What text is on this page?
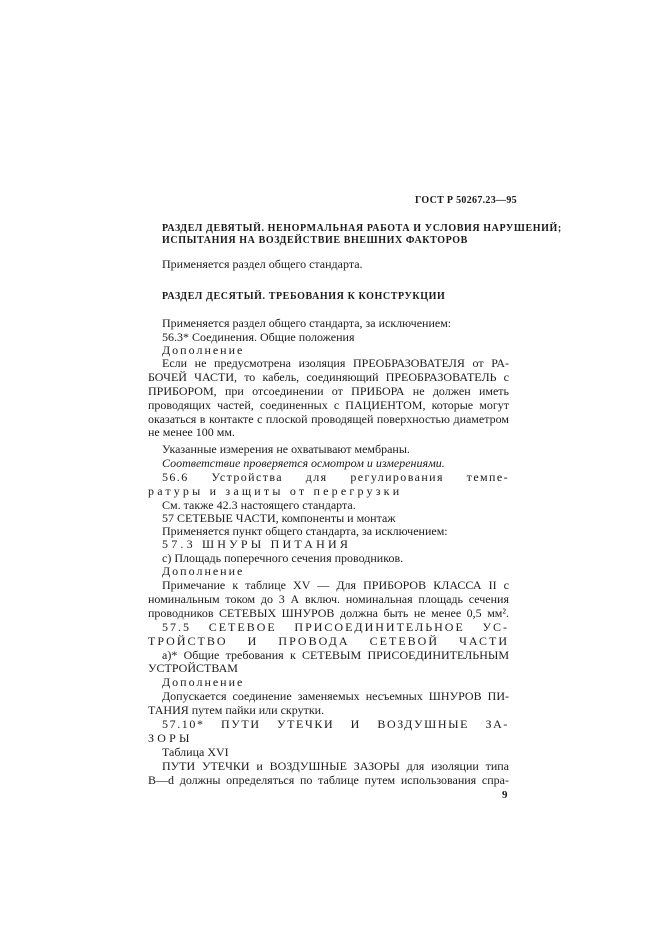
ГОСТ Р 50267.23—95
РАЗДЕЛ ДЕВЯТЫЙ. НЕНОРМАЛЬНАЯ РАБОТА И УСЛОВИЯ НАРУШЕНИЙ;
ИСПЫТАНИЯ НА ВОЗДЕЙСТВИЕ ВНЕШНИХ ФАКТОРОВ
Применяется раздел общего стандарта.
РАЗДЕЛ ДЕСЯТЫЙ. ТРЕБОВАНИЯ К КОНСТРУКЦИИ
Применяется раздел общего стандарта, за исключением:
56.3* Соединения. Общие положения
Дополнение
Если не предусмотрена изоляция ПРЕОБРАЗОВАТЕЛЯ от РА-
БОЧЕЙ ЧАСТИ, то кабель, соединяющий ПРЕОБРАЗОВАТЕЛЬ с
ПРИБОРОМ, при отсоединении от ПРИБОРА не должен иметь
проводящих частей, соединенных с ПАЦИЕНТОМ, которые могут
оказаться в контакте с плоской проводящей поверхностью диаметром
не менее 100 мм.
Указанные измерения не охватывают мембраны.
Соответствие проверяется осмотром и измерениями.
56.6 Устройства для регулирования темпе-
ратуры и защиты от перегрузки
См. также 42.3 настоящего стандарта.
57 СЕТЕВЫЕ ЧАСТИ, компоненты и монтаж
Применяется пункт общего стандарта, за исключением:
57.3 ШНУРЫ ПИТАНИЯ
с) Площадь поперечного сечения проводников.
Дополнение
Примечание к таблице XV — Для ПРИБОРОВ КЛАССА II с
номинальным током до 3 А включ. номинальная площадь сечения
проводников СЕТЕВЫХ ШНУРОВ должна быть не менее 0,5 мм².
57.5 СЕТЕВОЕ ПРИСОЕДИНИТЕЛЬНОЕ УС-
ТРОЙСТВО И ПРОВОДА СЕТЕВОЙ ЧАСТИ
а)* Общие требования к СЕТЕВЫМ ПРИСОЕДИНИТЕЛЬНЫМ
УСТРОЙСТВАМ
Дополнение
Допускается соединение заменяемых несъемных ШНУРОВ ПИ-
ТАНИЯ путем пайки или скрутки.
57.10* ПУТИ УТЕЧКИ И ВОЗДУШНЫЕ ЗА-
ЗОРЫ
Таблица XVI
ПУТИ УТЕЧКИ и ВОЗДУШНЫЕ ЗАЗОРЫ для изоляции типа
В—d должны определяться по таблице путем использования спра-
9
